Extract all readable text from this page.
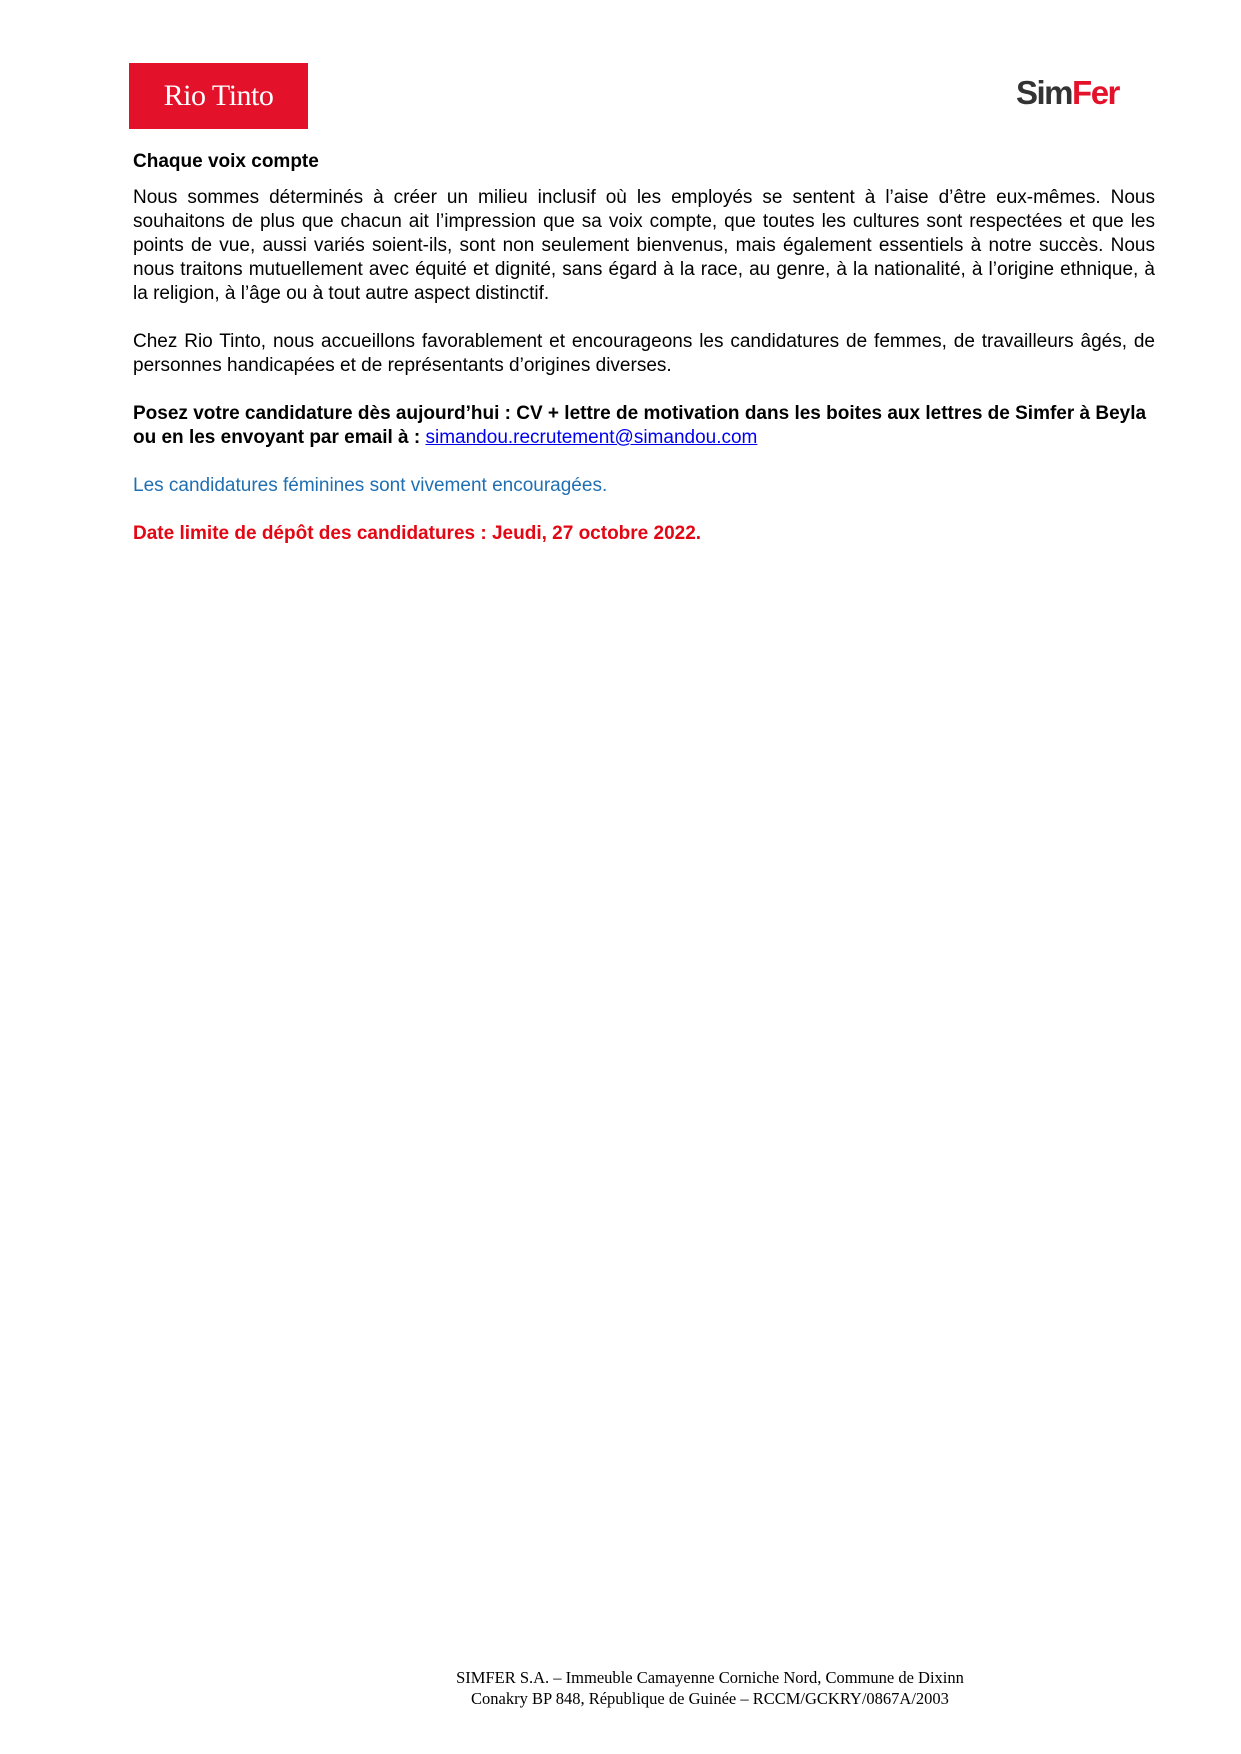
Rio Tinto	SimFer

Chaque voix compte

Nous sommes déterminés à créer un milieu inclusif où les employés se sentent à l’aise d’être eux-mêmes. Nous souhaitons de plus que chacun ait l’impression que sa voix compte, que toutes les cultures sont respectées et que les points de vue, aussi variés soient-ils, sont non seulement bienvenus, mais également essentiels à notre succès. Nous nous traitons mutuellement avec équité et dignité, sans égard à la race, au genre, à la nationalité, à l’origine ethnique, à la religion, à l’âge ou à tout autre aspect distinctif.

Chez Rio Tinto, nous accueillons favorablement et encourageons les candidatures de femmes, de travailleurs âgés, de personnes handicapées et de représentants d’origines diverses.

Posez votre candidature dès aujourd’hui : CV + lettre de motivation dans les boites aux lettres de Simfer à Beyla ou en les envoyant par email à : simandou.recrutement@simandou.com

Les candidatures féminines sont vivement encouragées.

Date limite de dépôt des candidatures : Jeudi, 27 octobre 2022.

SIMFER S.A. – Immeuble Camayenne Corniche Nord, Commune de Dixinn
Conakry BP 848, République de Guinée – RCCM/GCKRY/0867A/2003
